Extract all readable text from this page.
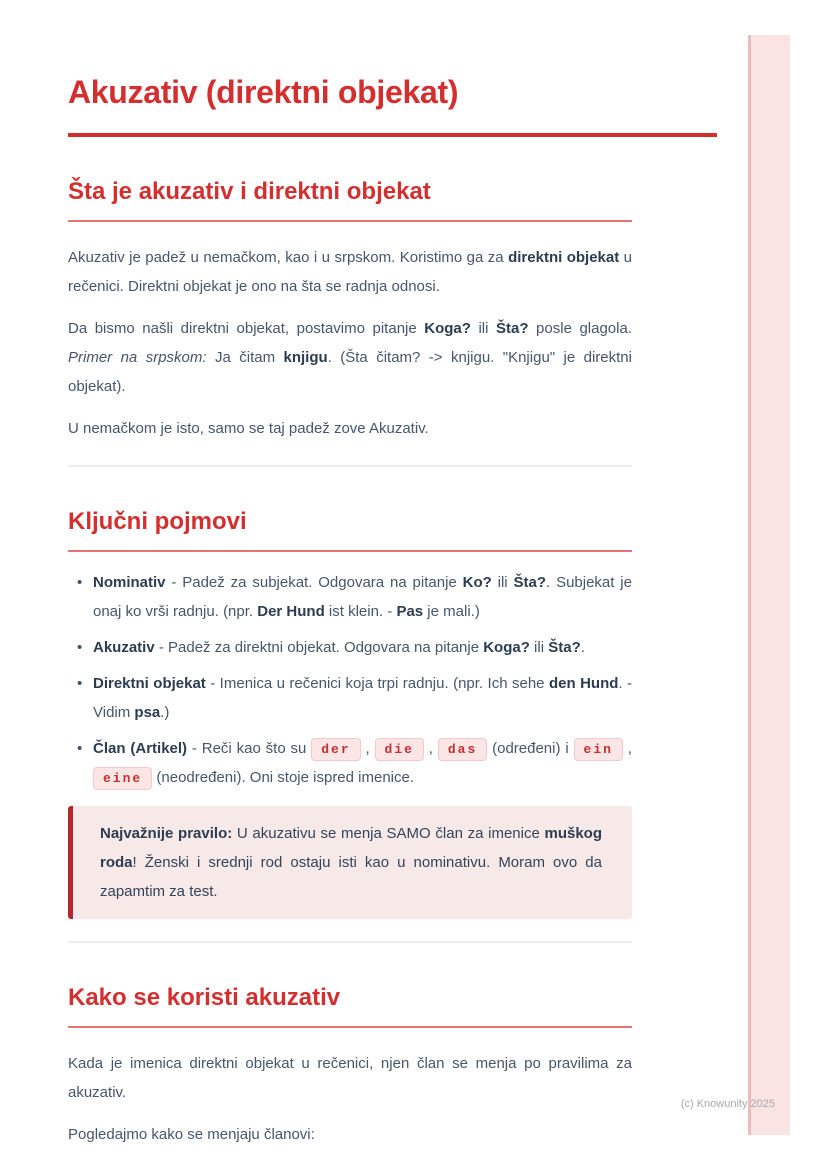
Akuzativ (direktni objekat)
Šta je akuzativ i direktni objekat

Akuzativ je padež u nemačkom, kao i u srpskom. Koristimo ga za direktni objekat u rečenici. Direktni objekat je ono na šta se radnja odnosi.

Da bismo našli direktni objekat, postavimo pitanje Koga? ili Šta? posle glagola. Primer na srpskom: Ja čitam knjigu. (Šta čitam? -> knjigu. "Knjigu" je direktni objekat).

U nemačkom je isto, samo se taj padež zove Akuzativ.

Ključni pojmovi
• Nominativ - Padež za subjekat. Odgovara na pitanje Ko? ili Šta?. Subjekat je onaj ko vrši radnju. (npr. Der Hund ist klein. - Pas je mali.)
• Akuzativ - Padež za direktni objekat. Odgovara na pitanje Koga? ili Šta?.
• Direktni objekat - Imenica u rečenici koja trpi radnju. (npr. Ich sehe den Hund. - Vidim psa.)
• Član (Artikel) - Reči kao što su der , die , das (određeni) i ein , eine (neodređeni). Oni stoje ispred imenice.
Najvažnije pravilo: U akuzativu se menja SAMO član za imenice muškog roda! Ženski i srednji rod ostaju isti kao u nominativu. Moram ovo da zapamtim za test.
Kako se koristi akuzativ

Kada je imenica direktni objekat u rečenici, njen član se menja po pravilima za akuzativ.

Pogledajmo kako se menjaju članovi:

(c) Knowunity 2025
